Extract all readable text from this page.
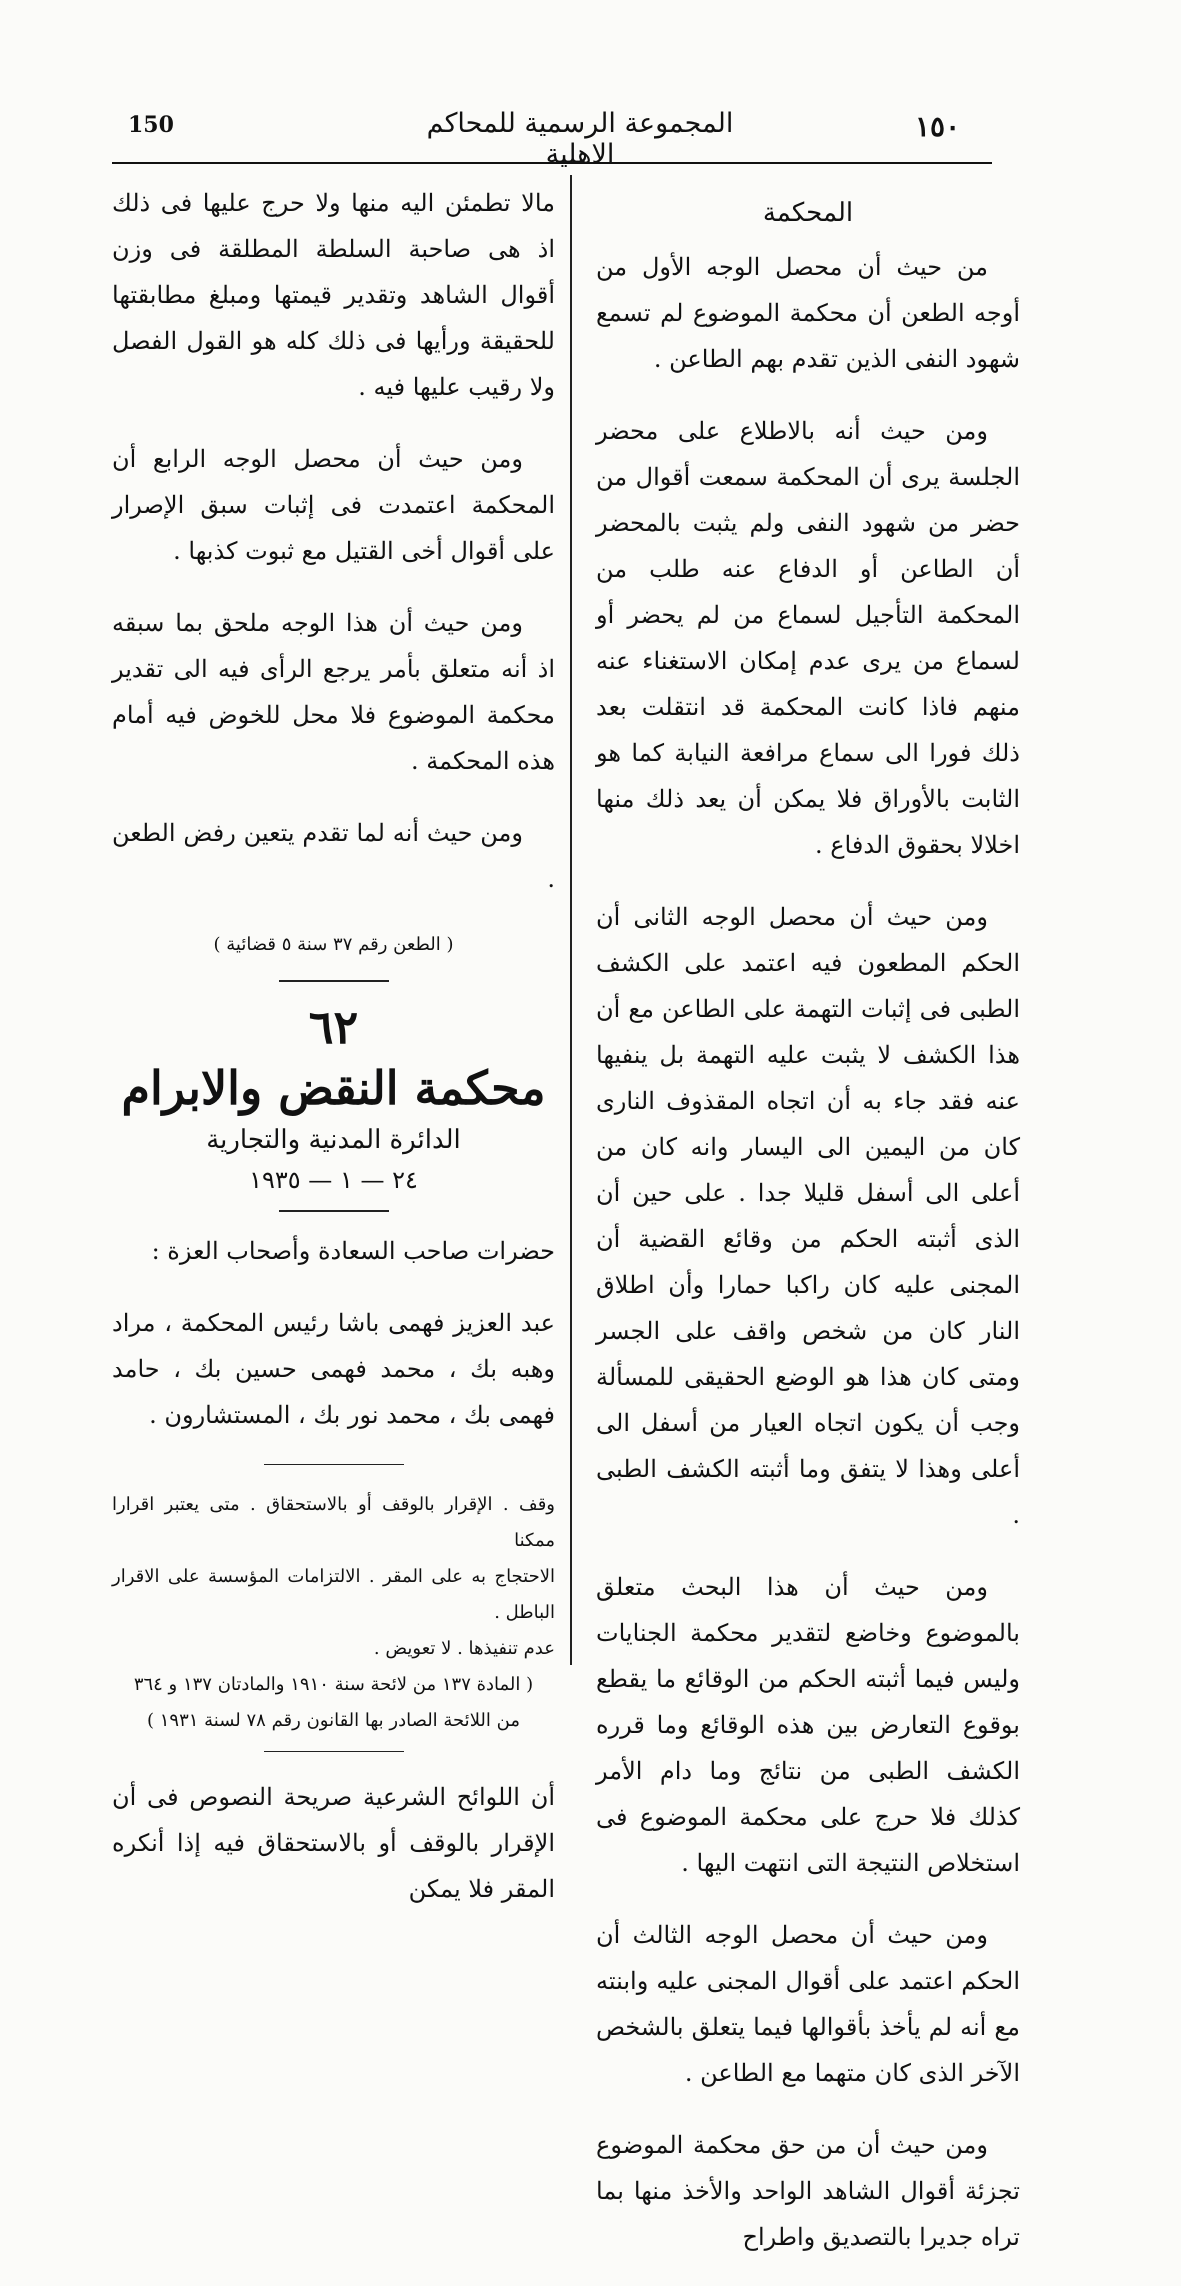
150	المجموعة الرسمية للمحاكم الاهلية
١٥٠
المحكمة

من حيث أن محصل الوجه الأول من أوجه الطعن أن محكمة الموضوع لم تسمع شهود النفى الذين تقدم بهم الطاعن .

ومن حيث أنه بالاطلاع على محضر الجلسة يرى أن المحكمة سمعت أقوال من حضر من شهود النفى ولم يثبت بالمحضر أن الطاعن أو الدفاع عنه طلب من المحكمة التأجيل لسماع من لم يحضر أو لسماع من يرى عدم إمكان الاستغناء عنه منهم فاذا كانت المحكمة قد انتقلت بعد ذلك فورا الى سماع مرافعة النيابة كما هو الثابت بالأوراق فلا يمكن أن يعد ذلك منها اخلالا بحقوق الدفاع .

ومن حيث أن محصل الوجه الثانى أن الحكم المطعون فيه اعتمد على الكشف الطبى فى إثبات التهمة على الطاعن مع أن هذا الكشف لا يثبت عليه التهمة بل ينفيها عنه فقد جاء به أن اتجاه المقذوف النارى كان من اليمين الى اليسار وانه كان من أعلى الى أسفل قليلا جدا . على حين أن الذى أثبته الحكم من وقائع القضية أن المجنى عليه كان راكبا حمارا وأن اطلاق النار كان من شخص واقف على الجسر ومتى كان هذا هو الوضع الحقيقى للمسألة وجب أن يكون اتجاه العيار من أسفل الى أعلى وهذا لا يتفق وما أثبته الكشف الطبى .

ومن حيث أن هذا البحث متعلق بالموضوع وخاضع لتقدير محكمة الجنايات وليس فيما أثبته الحكم من الوقائع ما يقطع بوقوع التعارض بين هذه الوقائع وما قرره الكشف الطبى من نتائج وما دام الأمر كذلك فلا حرج على محكمة الموضوع فى استخلاص النتيجة التى انتهت اليها .

ومن حيث أن محصل الوجه الثالث أن الحكم اعتمد على أقوال المجنى عليه وابنته مع أنه لم يأخذ بأقوالها فيما يتعلق بالشخص الآخر الذى كان متهما مع الطاعن .

ومن حيث أن من حق محكمة الموضوع تجزئة أقوال الشاهد الواحد والأخذ منها بما تراه جديرا بالتصديق واطراح

مالا تطمئن اليه منها ولا حرج عليها فى ذلك اذ هى صاحبة السلطة المطلقة فى وزن أقوال الشاهد وتقدير قيمتها ومبلغ مطابقتها للحقيقة ورأيها فى ذلك كله هو القول الفصل ولا رقيب عليها فيه .

ومن حيث أن محصل الوجه الرابع أن المحكمة اعتمدت فى إثبات سبق الإصرار على أقوال أخى القتيل مع ثبوت كذبها .

ومن حيث أن هذا الوجه ملحق بما سبقه اذ أنه متعلق بأمر يرجع الرأى فيه الى تقدير محكمة الموضوع فلا محل للخوض فيه أمام هذه المحكمة .

ومن حيث أنه لما تقدم يتعين رفض الطعن .

( الطعن رقم ٣٧ سنة ٥ قضائية )
٦٢
محكمة النقض والابرام
الدائرة المدنية والتجارية
٢٤ — ١ — ١٩٣٥

حضرات صاحب السعادة وأصحاب العزة :

عبد العزيز فهمى باشا رئيس المحكمة ، مراد وهبه بك ، محمد فهمى حسين بك ، حامد فهمى بك ، محمد نور بك ، المستشارون .

وقف . الإقرار بالوقف أو بالاستحقاق . متى يعتبر اقرارا ممكنا

الاحتجاج به على المقر . الالتزامات المؤسسة على الاقرار الباطل .

عدم تنفيذها . لا تعويض .

( المادة ١٣٧ من لائحة سنة ١٩١٠ والمادتان ١٣٧ و ٣٦٤

من اللائحة الصادر بها القانون رقم ٧٨ لسنة ١٩٣١ )

أن اللوائح الشرعية صريحة النصوص فى أن الإقرار بالوقف أو بالاستحقاق فيه إذا أنكره المقر فلا يمكن
